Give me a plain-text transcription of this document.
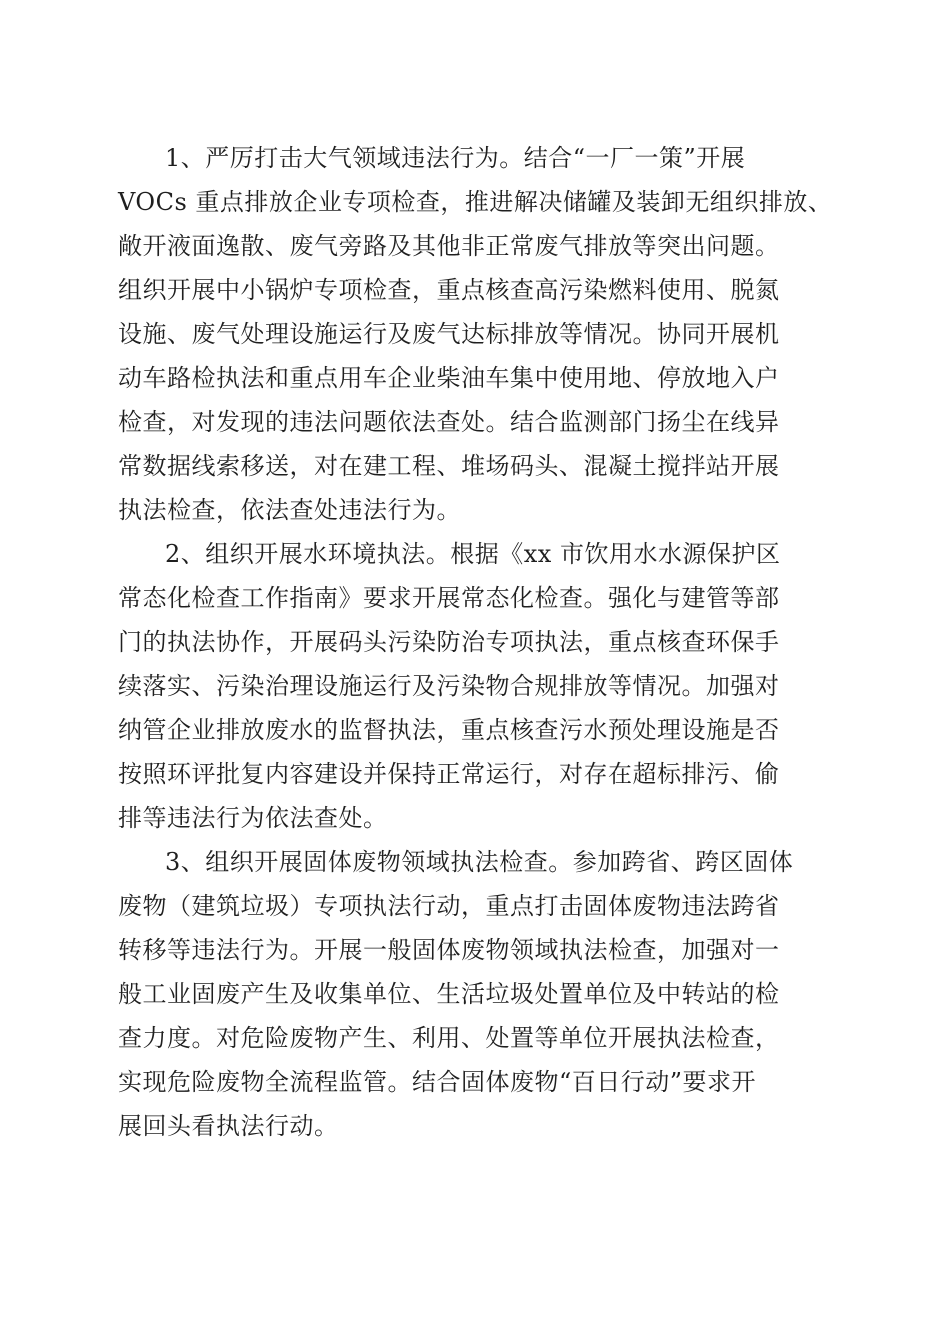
1、严厉打击大气领域违法行为。结合“一厂一策”开展
VOCs 重点排放企业专项检查，推进解决储罐及装卸无组织排放、
敞开液面逸散、废气旁路及其他非正常废气排放等突出问题。
组织开展中小锅炉专项检查，重点核查高污染燃料使用、脱氮
设施、废气处理设施运行及废气达标排放等情况。协同开展机
动车路检执法和重点用车企业柴油车集中使用地、停放地入户
检查，对发现的违法问题依法查处。结合监测部门扬尘在线异
常数据线索移送，对在建工程、堆场码头、混凝土搅拌站开展
执法检查，依法查处违法行为。
2、组织开展水环境执法。根据《xx 市饮用水水源保护区
常态化检查工作指南》要求开展常态化检查。强化与建管等部
门的执法协作，开展码头污染防治专项执法，重点核查环保手
续落实、污染治理设施运行及污染物合规排放等情况。加强对
纳管企业排放废水的监督执法，重点核查污水预处理设施是否
按照环评批复内容建设并保持正常运行，对存在超标排污、偷
排等违法行为依法查处。
3、组织开展固体废物领域执法检查。参加跨省、跨区固体
废物（建筑垃圾）专项执法行动，重点打击固体废物违法跨省
转移等违法行为。开展一般固体废物领域执法检查，加强对一
般工业固废产生及收集单位、生活垃圾处置单位及中转站的检
查力度。对危险废物产生、利用、处置等单位开展执法检查，
实现危险废物全流程监管。结合固体废物“百日行动”要求开
展回头看执法行动。
